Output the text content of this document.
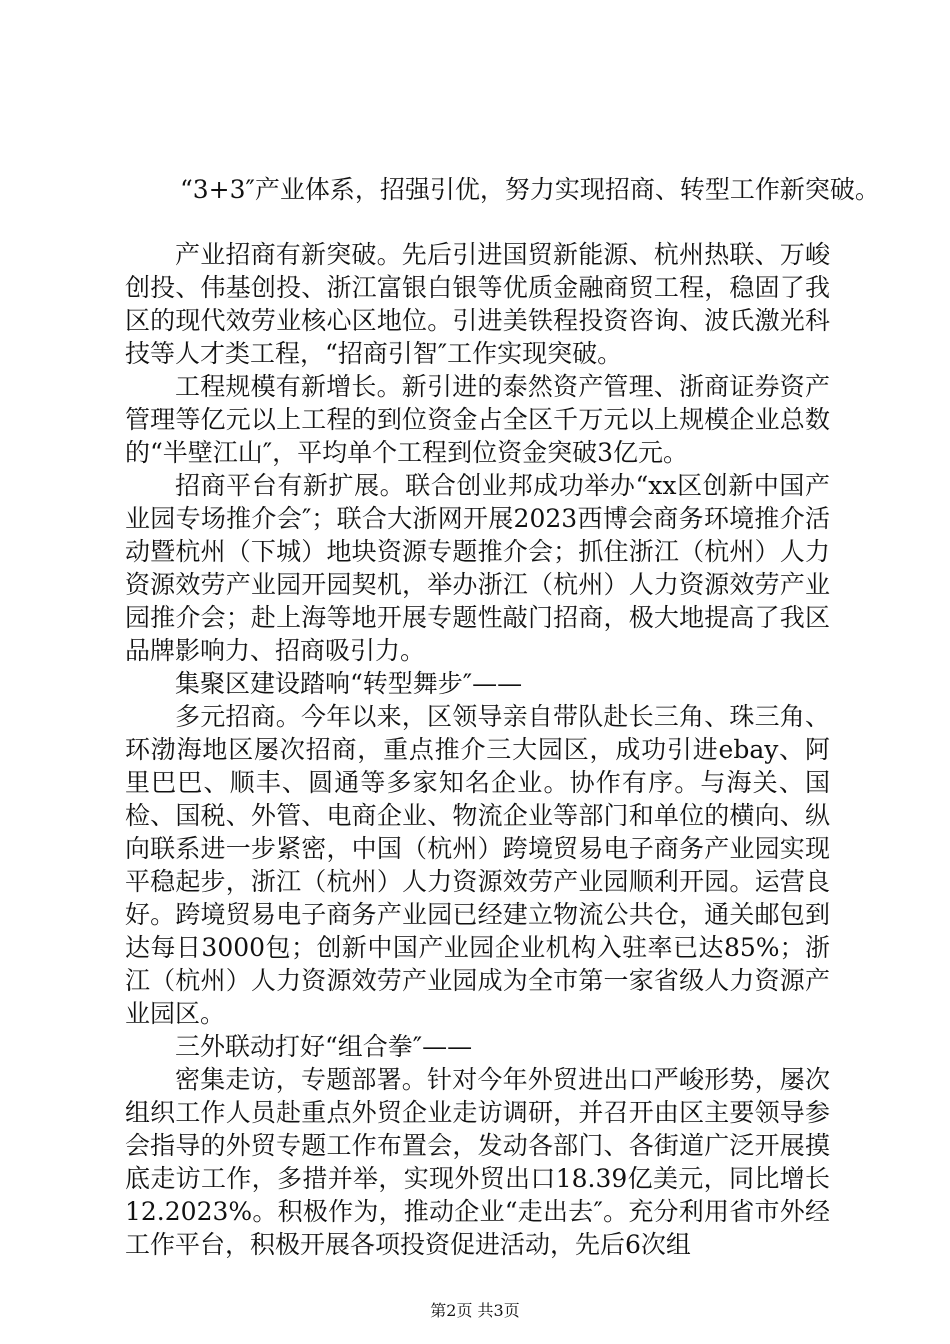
“3+3″产业体系，招强引优，努力实现招商、转型工作新突破。

产业招商有新突破。先后引进国贸新能源、杭州热联、万峻创投、伟基创投、浙江富银白银等优质金融商贸工程，稳固了我区的现代效劳业核心区地位。引进美铁程投资咨询、波氏激光科技等人才类工程，“招商引智″工作实现突破。

工程规模有新增长。新引进的泰然资产管理、浙商证券资产管理等亿元以上工程的到位资金占全区千万元以上规模企业总数的“半壁江山″，平均单个工程到位资金突破3亿元。

招商平台有新扩展。联合创业邦成功举办“xx区创新中国产业园专场推介会″；联合大浙网开展2023西博会商务环境推介活动暨杭州（下城）地块资源专题推介会；抓住浙江（杭州）人力资源效劳产业园开园契机，举办浙江（杭州）人力资源效劳产业园推介会；赴上海等地开展专题性敲门招商，极大地提高了我区品牌影响力、招商吸引力。

集聚区建设踏响“转型舞步″——

多元招商。今年以来，区领导亲自带队赴长三角、珠三角、环渤海地区屡次招商，重点推介三大园区，成功引进ebay、阿里巴巴、顺丰、圆通等多家知名企业。协作有序。与海关、国检、国税、外管、电商企业、物流企业等部门和单位的横向、纵向联系进一步紧密，中国（杭州）跨境贸易电子商务产业园实现平稳起步，浙江（杭州）人力资源效劳产业园顺利开园。运营良好。跨境贸易电子商务产业园已经建立物流公共仓，通关邮包到达每日3000包；创新中国产业园企业机构入驻率已达85%；浙江（杭州）人力资源效劳产业园成为全市第一家省级人力资源产业园区。

三外联动打好“组合拳″——

密集走访，专题部署。针对今年外贸进出口严峻形势，屡次组织工作人员赴重点外贸企业走访调研，并召开由区主要领导参会指导的外贸专题工作布置会，发动各部门、各街道广泛开展摸底走访工作，多措并举，实现外贸出口18.39亿美元，同比增长12.2023%。积极作为，推动企业“走出去″。充分利用省市外经工作平台，积极开展各项投资促进活动，先后6次组

第2页 共3页
